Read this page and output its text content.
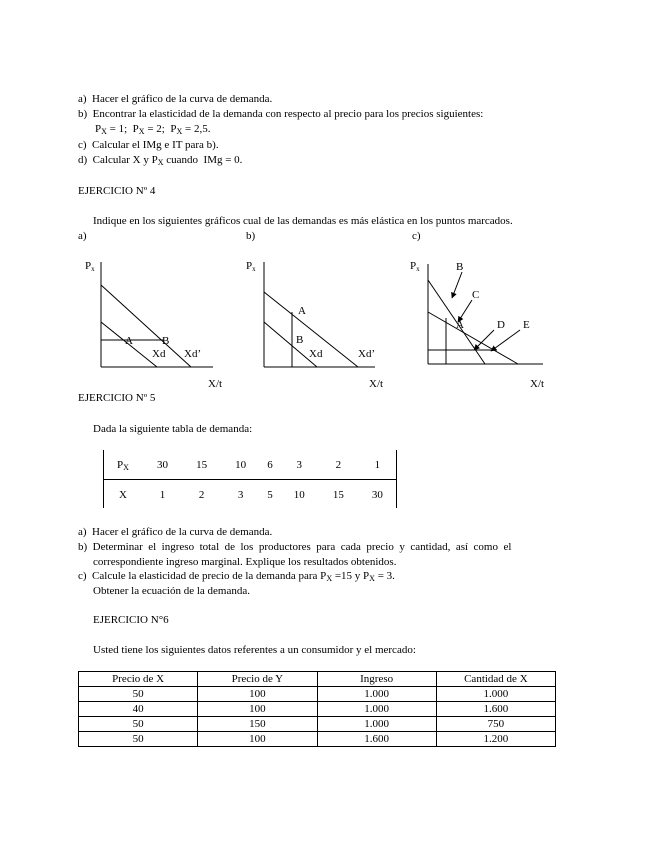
a)  Hacer el gráfico de la curva de demanda.
b)  Encontrar la elasticidad de la demanda con respecto al precio para los precios siguientes:
$P_X = 1$;  $P_X = 2$;  $P_X = 2,5$.
c)  Calcular el IMg e IT para b).
d)  Calcular X y $P_X$ cuando  IMg = 0.
EJERCICIO Nº 4
Indique en los siguientes gráficos cual de las demandas es más elástica en los puntos marcados.
a)	b)	c)
Px
A	B
Xd Xd’
X/t
Px
A
B
Xd	Xd’
X/t
Px	B
C
A	D E
X/t
EJERCICIO Nº 5
Dada la siguiente tabla de demanda:
$P_X$	30	15	10	6	3	2	1
X	1	2	3	5	10	15	30
a)  Hacer el gráfico de la curva de demanda.
b)  Determinar  el  ingreso  total  de  los  productores  para  cada  precio  y  cantidad,  así  como  el
correspondiente ingreso marginal. Explique los resultados obtenidos.
c)  Calcule la elasticidad de precio de la demanda para $P_X =15$ y $P_X = 3$.
Obtener la ecuación de la demanda.
EJERCICIO N°6
Usted tiene los siguientes datos referentes a un consumidor y el mercado:
Precio de X	Precio de Y	Ingreso	Cantidad de X
50	100	1.000	1.000
40	100	1.000	1.600
50	150	1.000	750
50	100	1.600	1.200
